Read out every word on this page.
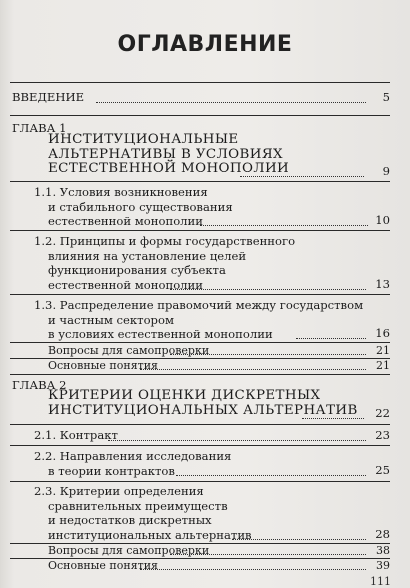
ОГЛАВЛЕНИЕ
ВВЕДЕНИЕ	5
ГЛАВА 1
ИНСТИТУЦИОНАЛЬНЫЕ
АЛЬТЕРНАТИВЫ В УСЛОВИЯХ
ЕСТЕСТВЕННОЙ МОНОПОЛИИ	9
1.1. Условия возникновения
и стабильного существования
естественной монополии	10
1.2. Принципы и формы государственного
влияния на установление целей
функционирования субъекта
естественной монополии	13
1.3. Распределение правомочий между государством
и частным сектором
в условиях естественной монополии	16
Вопросы для самопроверки	21
Основные понятия	21
ГЛАВА 2
КРИТЕРИИ ОЦЕНКИ ДИСКРЕТНЫХ
ИНСТИТУЦИОНАЛЬНЫХ АЛЬТЕРНАТИВ	22
2.1. Контракт	23
2.2. Направления исследования
в теории контрактов	25
2.3. Критерии определения
сравнительных преимуществ
и недостатков дискретных
институциональных альтернатив	28
Вопросы для самопроверки	38
Основные понятия	39
111
